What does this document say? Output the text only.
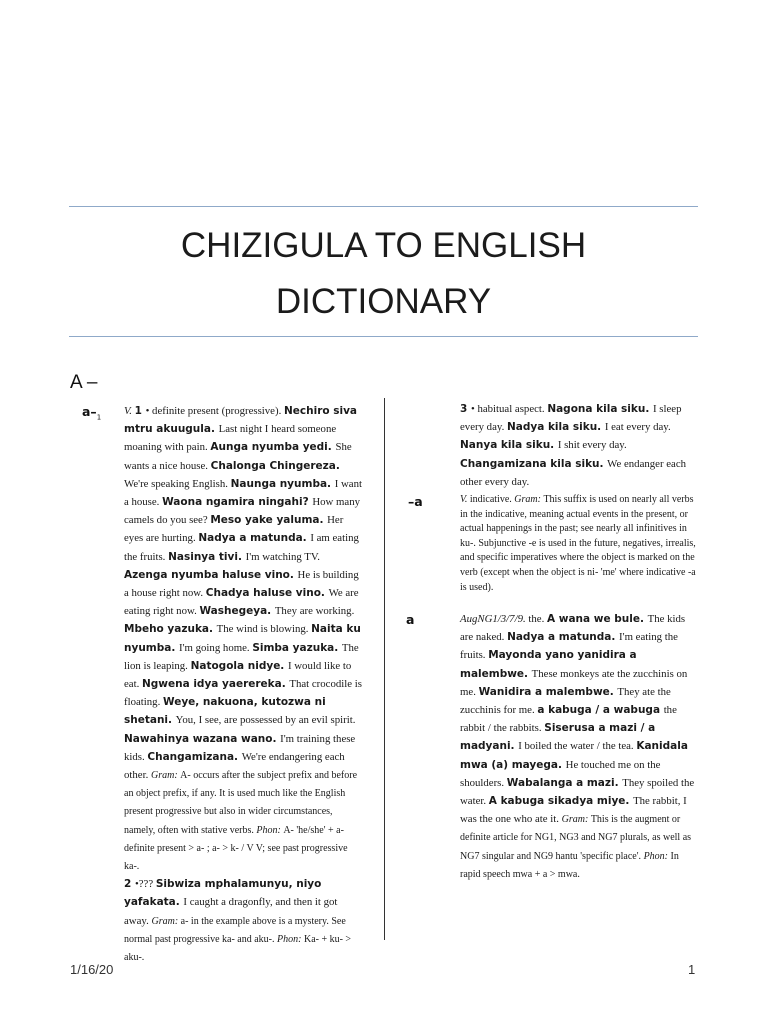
CHIZIGULA TO ENGLISH
DICTIONARY
A –
$a-_1$
V. 1 • definite present (progressive). Nechiro siva mtru akuugula. Last night I heard someone moaning with pain. Aunga nyumba yedi. She wants a nice house. Chalonga Chingereza. We're speaking English. Naunga nyumba. I want a house. Waona ngamira ningahi? How many camels do you see? Meso yake yaluma. Her eyes are hurting. Nadya a matunda. I am eating the fruits. Nasinya tivi. I'm watching TV. Azenga nyumba haluse vino. He is building a house right now. Chadya haluse vino. We are eating right now. Washegeya. They are working. Mbeho yazuka. The wind is blowing. Naita ku nyumba. I'm going home. Simba yazuka. The lion is leaping. Natogola nidye. I would like to eat. Ngwena idya yaerereka. That crocodile is floating. Weye, nakuona, kutozwa ni shetani. You, I see, are possessed by an evil spirit. Nawahinya wazana wano. I'm training these kids. Changamizana. We're endangering each other. Gram: A- occurs after the subject prefix and before an object prefix, if any. It is used much like the English present progressive but also in wider circumstances, namely, often with stative verbs. Phon: A- 'he/she' + a- definite present > a- ; a- > k- / V V; see past progressive ka-.
2 •??? Sibwiza mphalamunyu, niyo yafakata. I caught a dragonfly, and then it got away. Gram: a- in the example above is a mystery. See normal past progressive ka- and aku-. Phon: Ka- + ku- > aku-.
3 • habitual aspect. Nagona kila siku. I sleep every day. Nadya kila siku. I eat every day. Nanya kila siku. I shit every day. Changamizana kila siku. We endanger each other every day.
–a	V. indicative. Gram: This suffix is used on nearly all verbs in the indicative, meaning actual events in the present, or actual happenings in the past; see nearly all infinitives in ku-. Subjunctive -e is used in the future, negatives, irrealis, and specific imperatives where the object is marked on the verb (except when the object is ni- 'me' where indicative -a is used).
a	AugNG1/3/7/9. the. A wana we bule. The kids are naked. Nadya a matunda. I'm eating the fruits. Mayonda yano yanidira a malembwe. These monkeys ate the zucchinis on me. Wanidira a malembwe. They ate the zucchinis for me. a kabuga / a wabuga the rabbit / the rabbits. Siserusa a mazi / a madyani. I boiled the water / the tea. Kanidala mwa (a) mayega. He touched me on the shoulders. Wabalanga a mazi. They spoiled the water. A kabuga sikadya miye. The rabbit, I was the one who ate it. Gram: This is the augment or definite article for NG1, NG3 and NG7 plurals, as well as NG7 singular and NG9 hantu 'specific place'. Phon: In rapid speech mwa + a > mwa.
1/16/20	1
